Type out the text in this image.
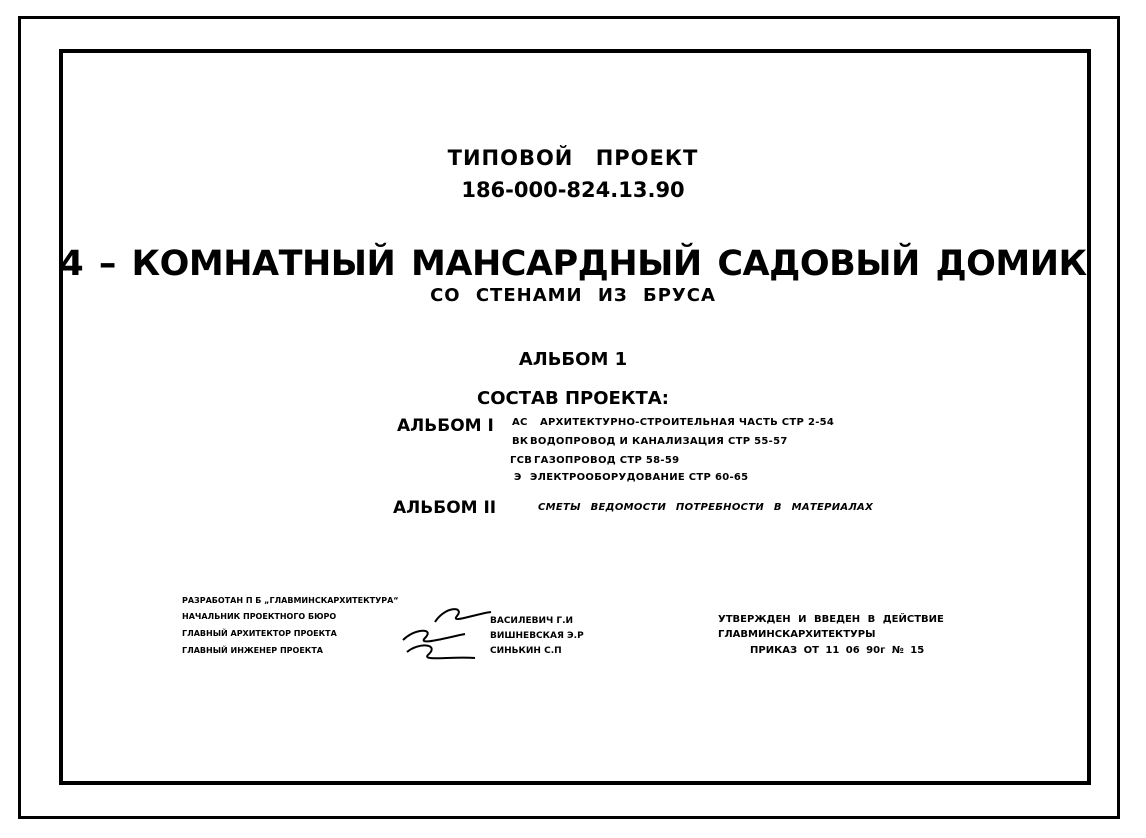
ТИПОВОЙ ПРОЕКТ
186-000-824.13.90
4 – КОМНАТНЫЙ МАНСАРДНЫЙ САДОВЫЙ ДОМИК
СО СТЕНАМИ ИЗ БРУСА
АЛЬБОМ 1
СОСТАВ ПРОЕКТА:
АЛЬБОМ I АС АРХИТЕКТУРНО-СТРОИТЕЛЬНАЯ ЧАСТЬ СТР 2-54
ВК ВОДОПРОВОД И КАНАЛИЗАЦИЯ СТР 55-57
ГСВ ГАЗОПРОВОД СТР 58-59
Э ЭЛЕКТРООБОРУДОВАНИЕ СТР 60-65
АЛЬБОМ II	СМЕТЫ ВЕДОМОСТИ ПОТРЕБНОСТИ В МАТЕРИАЛАХ
РАЗРАБОТАН П Б „ГЛАВМИНСКАРХИТЕКТУРА“
НАЧАЛЬНИК ПРОЕКТНОГО БЮРО
ГЛАВНЫЙ АРХИТЕКТОР ПРОЕКТА
ГЛАВНЫЙ ИНЖЕНЕР ПРОЕКТА
ВАСИЛЕВИЧ Г.И
ВИШНЕВСКАЯ Э.Р
СИНЬКИН С.П
УТВЕРЖДЕН И ВВЕДЕН В ДЕЙСТВИЕ
ГЛАВМИНСКАРХИТЕКТУРЫ
ПРИКАЗ ОТ 11 06 90г № 15
